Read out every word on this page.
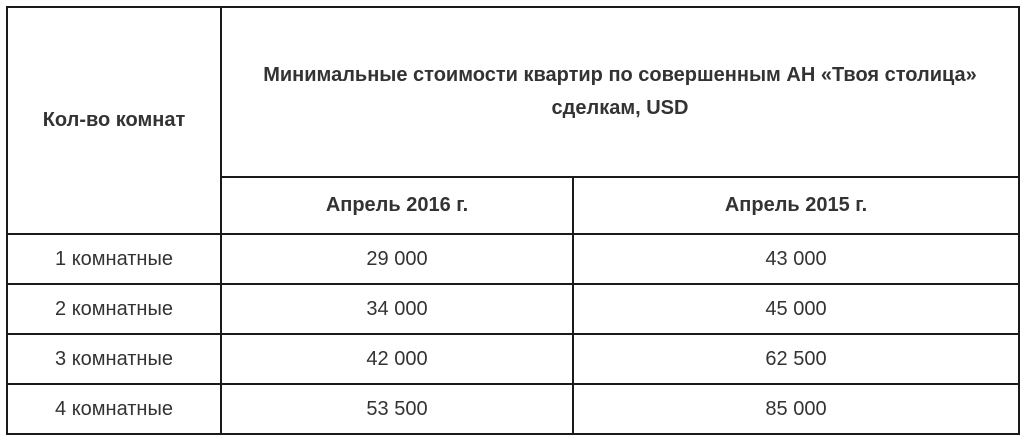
Кол-во комнат	Минимальные стоимости квартир по совершенным АН «Твоя столица» сделкам, USD	
	Апрель 2016 г.	Апрель 2015 г.
1 комнатные	29 000	43 000
2 комнатные	34 000	45 000
3 комнатные	42 000	62 500
4 комнатные	53 500	85 000
